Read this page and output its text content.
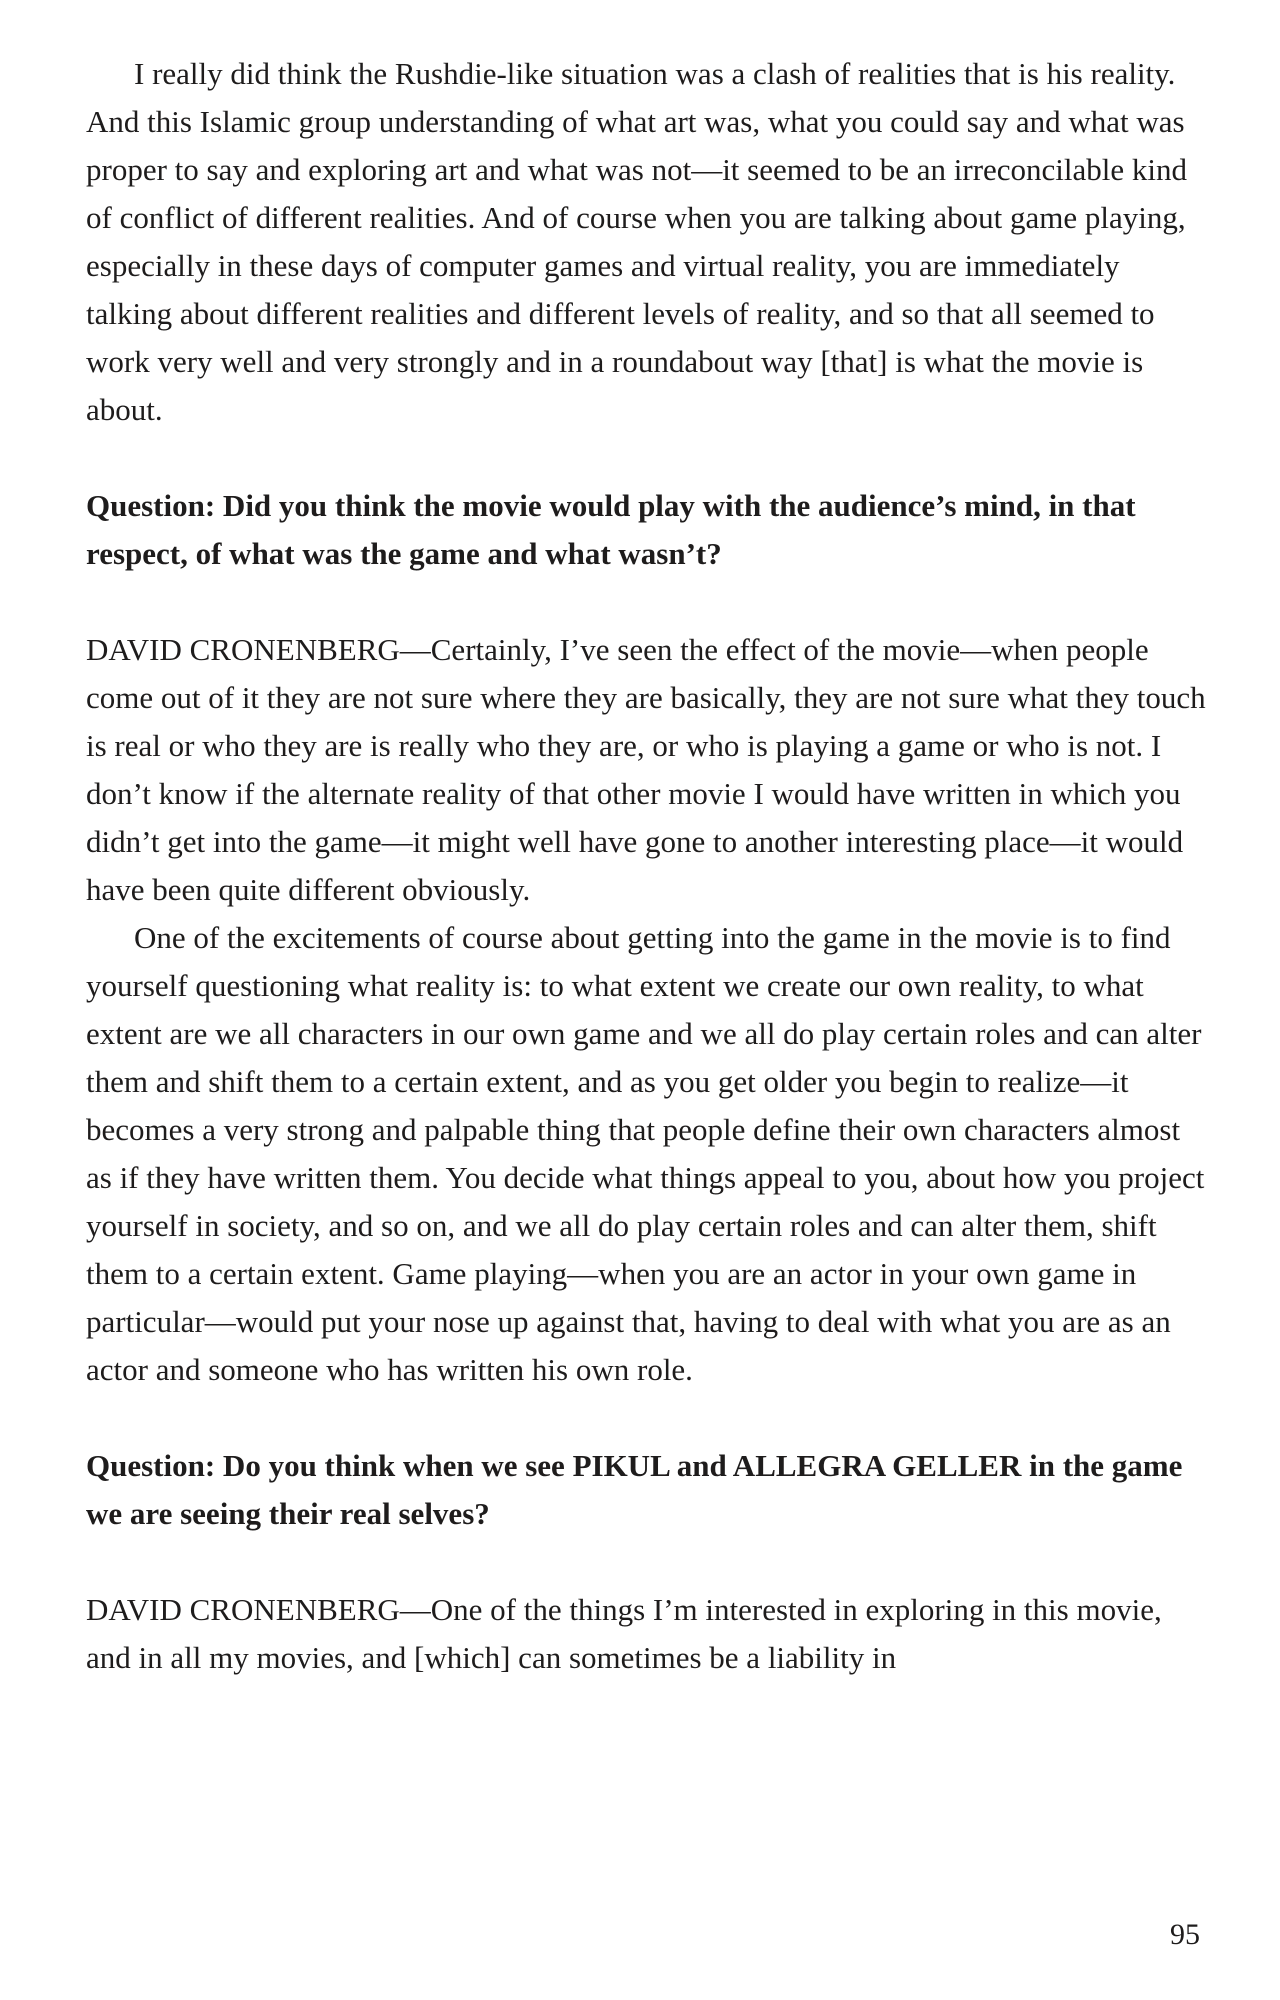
I really did think the Rushdie-like situation was a clash of realities that is his reality. And this Islamic group understanding of what art was, what you could say and what was proper to say and exploring art and what was not—it seemed to be an irreconcilable kind of conflict of different realities. And of course when you are talking about game playing, especially in these days of computer games and virtual reality, you are immediately talking about different realities and different levels of reality, and so that all seemed to work very well and very strongly and in a roundabout way [that] is what the movie is about.

Question: Did you think the movie would play with the audience’s mind, in that respect, of what was the game and what wasn’t?

DAVID CRONENBERG—Certainly, I’ve seen the effect of the movie—when people come out of it they are not sure where they are basically, they are not sure what they touch is real or who they are is really who they are, or who is playing a game or who is not. I don’t know if the alternate reality of that other movie I would have written in which you didn’t get into the game—it might well have gone to another interesting place—it would have been quite different obviously.

One of the excitements of course about getting into the game in the movie is to find yourself questioning what reality is: to what extent we create our own reality, to what extent are we all characters in our own game and we all do play certain roles and can alter them and shift them to a certain extent, and as you get older you begin to realize—it becomes a very strong and palpable thing that people define their own characters almost as if they have written them. You decide what things appeal to you, about how you project yourself in society, and so on, and we all do play certain roles and can alter them, shift them to a certain extent. Game playing—when you are an actor in your own game in particular—would put your nose up against that, having to deal with what you are as an actor and someone who has written his own role.

Question: Do you think when we see PIKUL and ALLEGRA GELLER in the game we are seeing their real selves?

DAVID CRONENBERG—One of the things I’m interested in exploring in this movie, and in all my movies, and [which] can sometimes be a liability in

95
